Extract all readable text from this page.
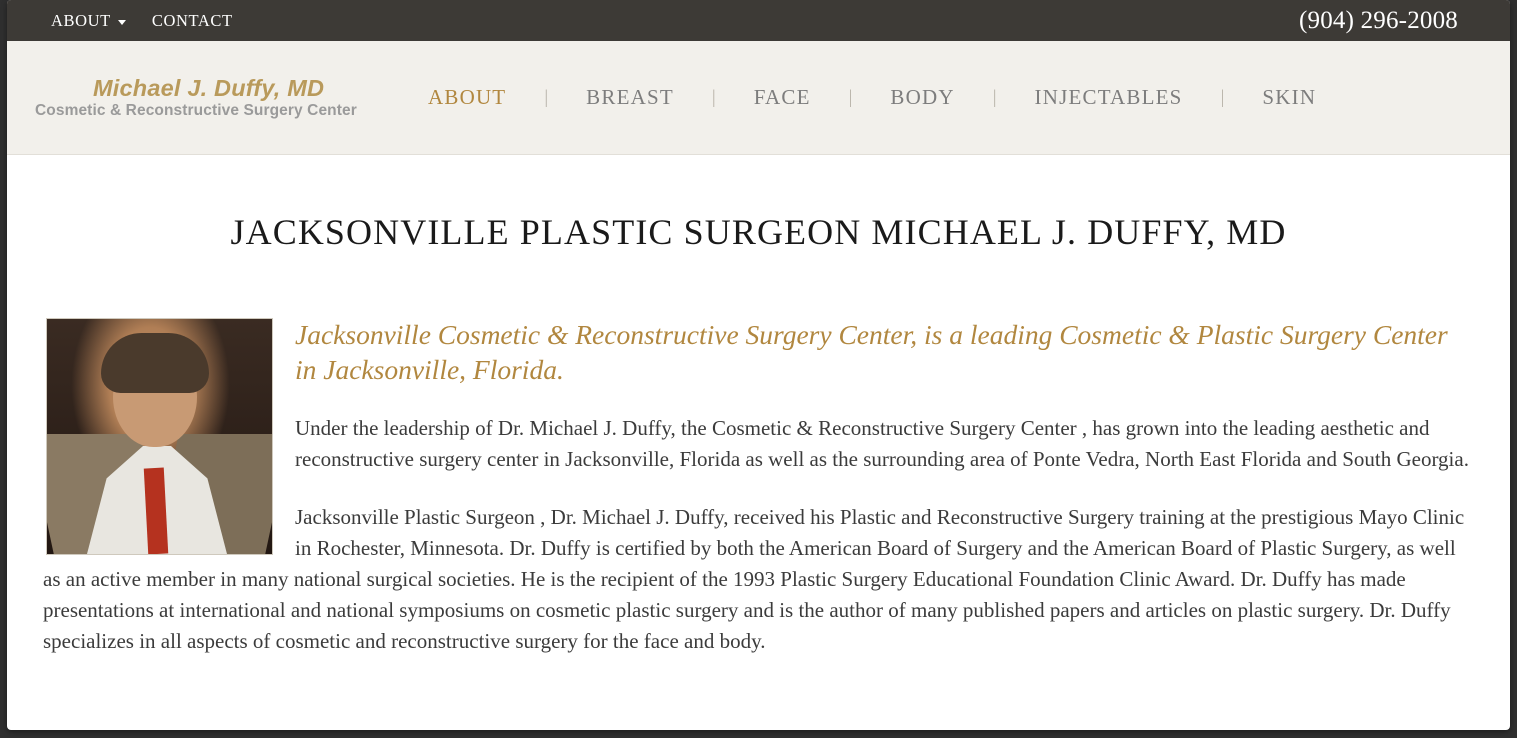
ABOUT CONTACT	(904) 296-2008
Michael J. Duffy, MD
Cosmetic & Reconstructive Surgery Center
ABOUT | BREAST | FACE | BODY | INJECTABLES | SKIN
JACKSONVILLE PLASTIC SURGEON MICHAEL J. DUFFY, MD

Jacksonville Cosmetic & Reconstructive Surgery Center, is a leading Cosmetic & Plastic Surgery Center in Jacksonville, Florida.

Under the leadership of Dr. Michael J. Duffy, the Cosmetic & Reconstructive Surgery Center , has grown into the leading aesthetic and reconstructive surgery center in Jacksonville, Florida as well as the surrounding area of Ponte Vedra, North East Florida and South Georgia.

Jacksonville Plastic Surgeon , Dr. Michael J. Duffy, received his Plastic and Reconstructive Surgery training at the prestigious Mayo Clinic in Rochester, Minnesota. Dr. Duffy is certified by both the American Board of Surgery and the American Board of Plastic Surgery, as well as an active member in many national surgical societies. He is the recipient of the 1993 Plastic Surgery Educational Foundation Clinic Award. Dr. Duffy has made presentations at international and national symposiums on cosmetic plastic surgery and is the author of many published papers and articles on plastic surgery. Dr. Duffy specializes in all aspects of cosmetic and reconstructive surgery for the face and body.
